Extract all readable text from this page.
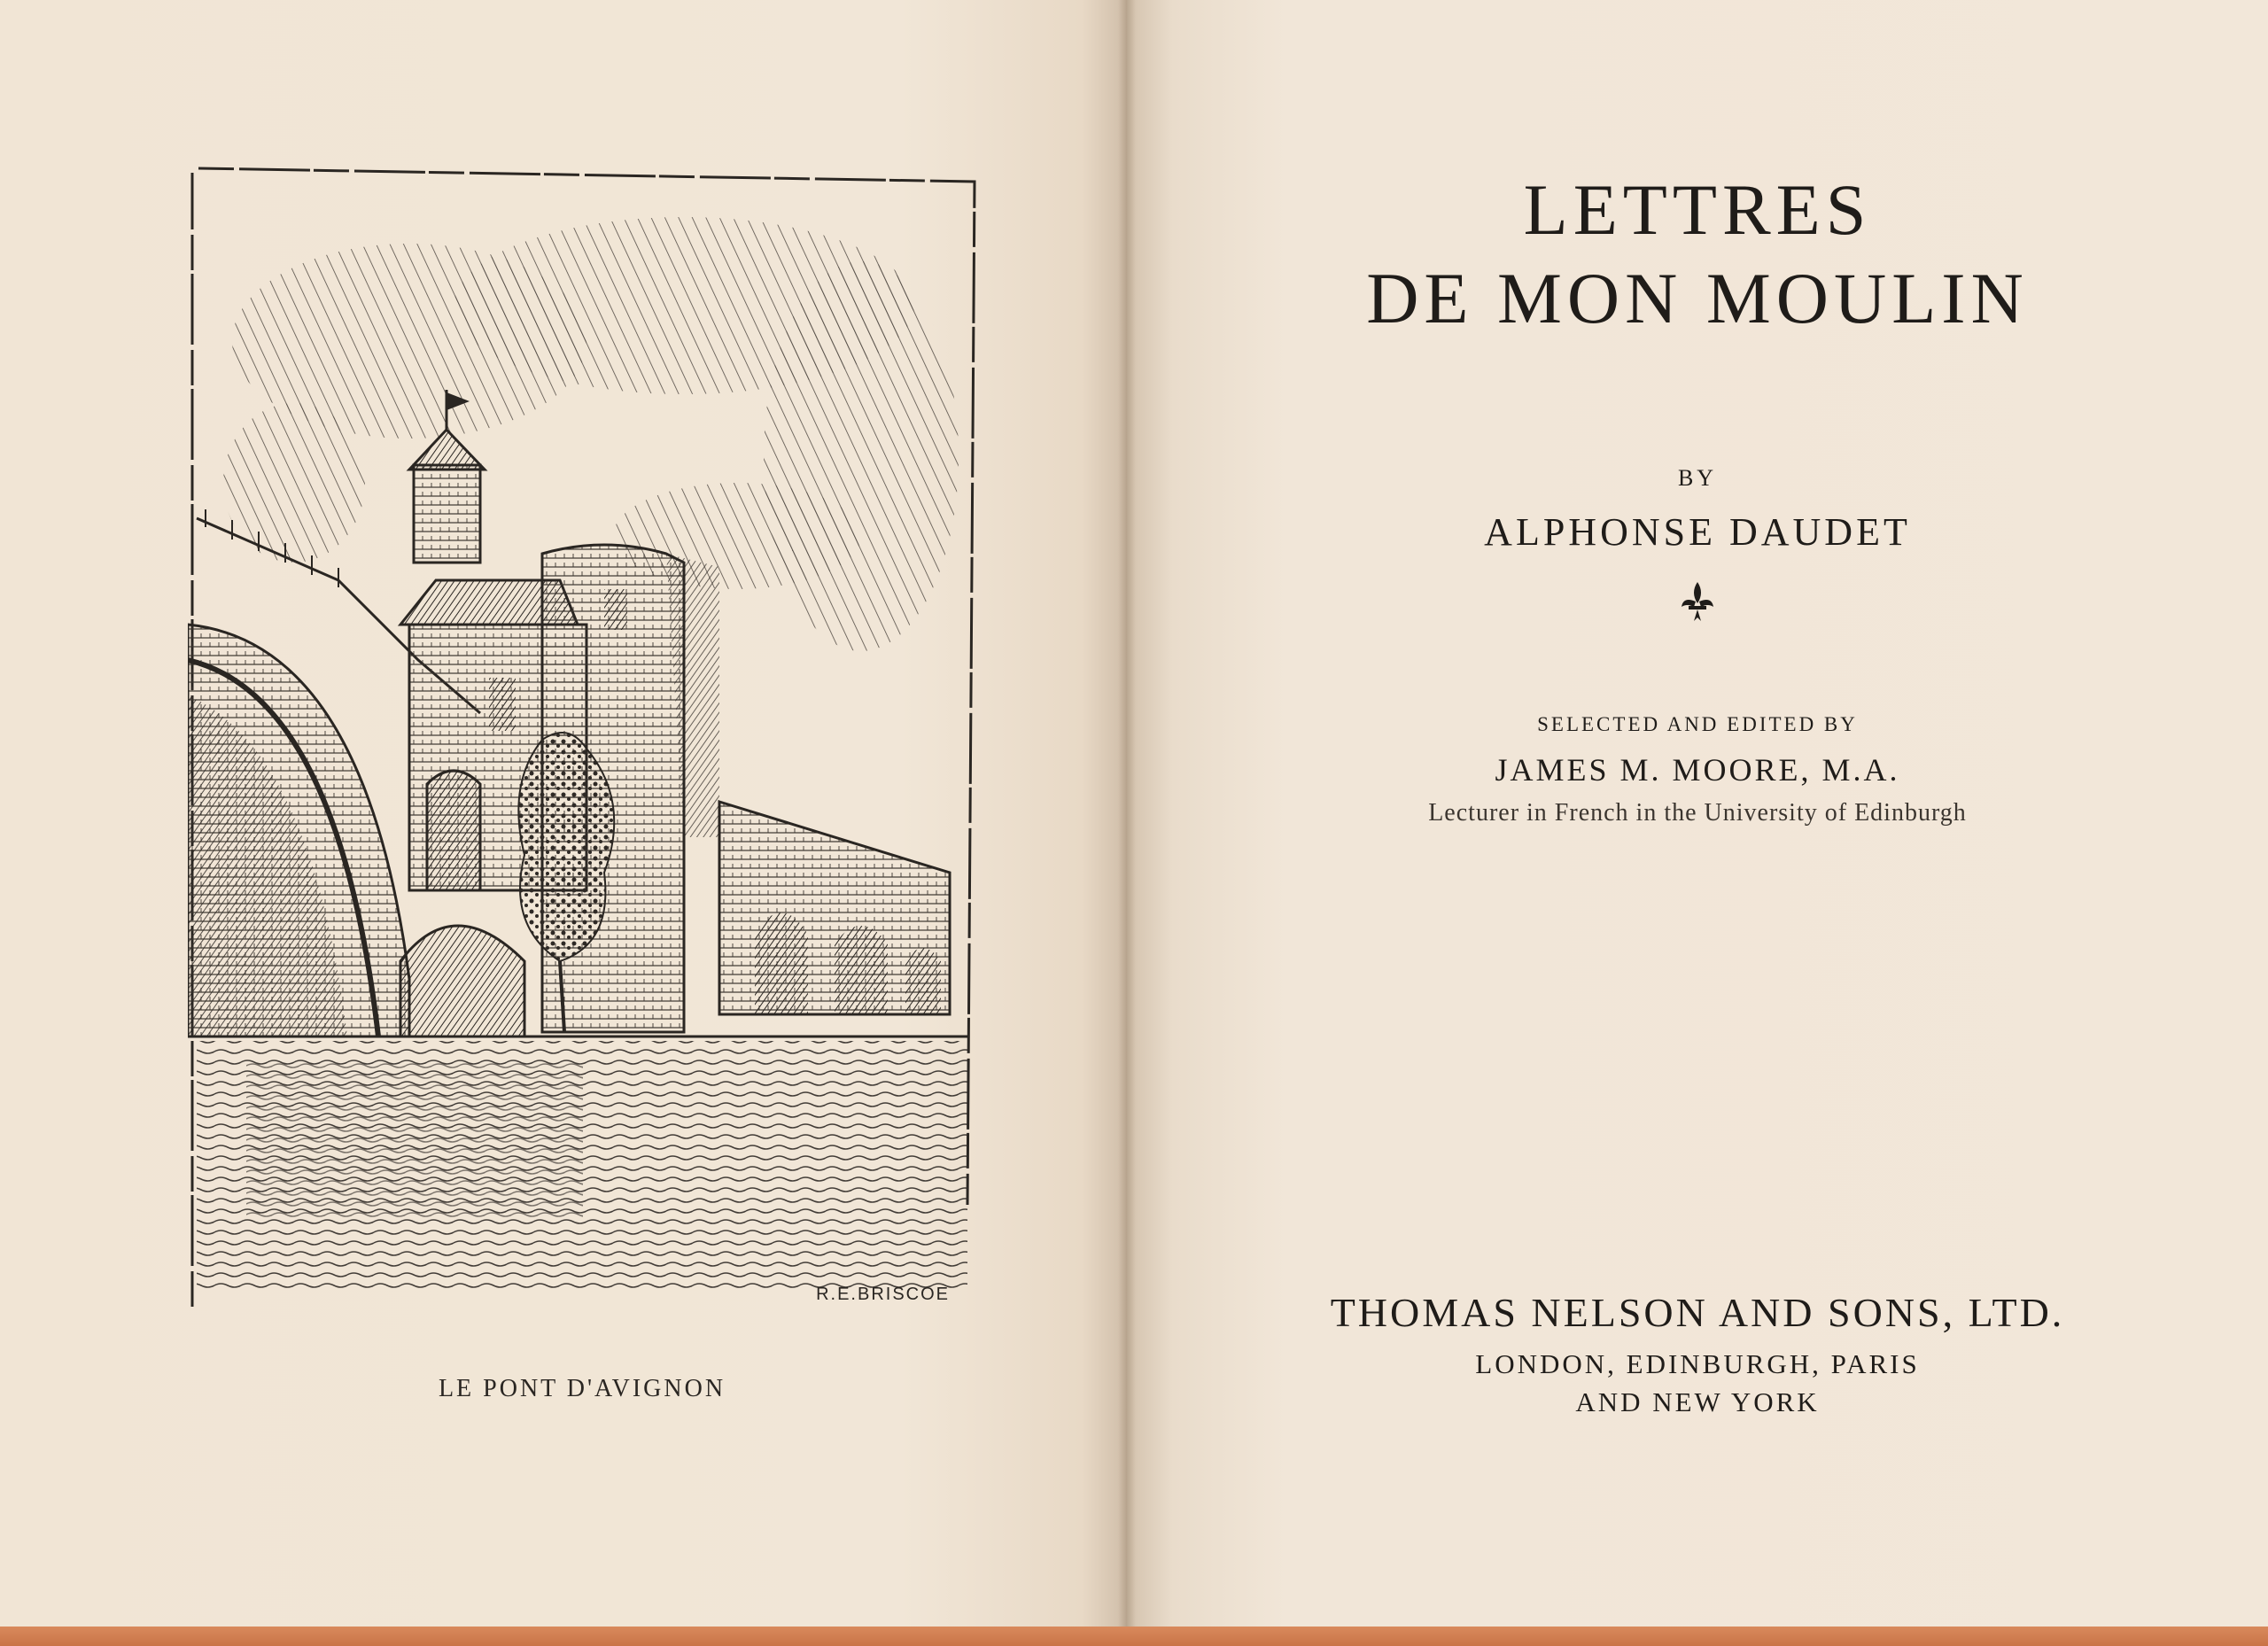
R.E.BRISCOE
LE PONT D'AVIGNON
LETTRES
DE MON MOULIN
BY
ALPHONSE DAUDET
SELECTED AND EDITED BY
JAMES M. MOORE, M.A.
Lecturer in French in the University of Edinburgh
THOMAS NELSON AND SONS, LTD.
LONDON, EDINBURGH, PARIS
AND NEW YORK
